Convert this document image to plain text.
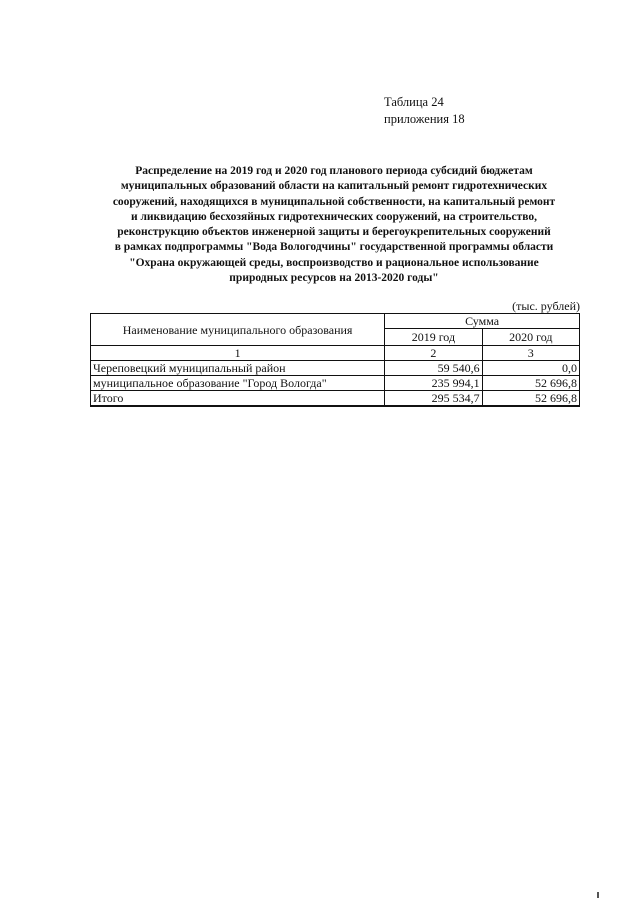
Таблица 24
приложения 18
Распределение на 2019 год и 2020 год планового периода субсидий бюджетам
муниципальных образований области на капитальный ремонт гидротехнических
сооружений, находящихся в муниципальной собственности, на капитальный ремонт
и ликвидацию бесхозяйных гидротехнических сооружений, на строительство,
реконструкцию объектов инженерной защиты и берегоукрепительных сооружений
в рамках подпрограммы "Вода Вологодчины" государственной программы области
"Охрана окружающей среды, воспроизводство и рациональное использование
природных ресурсов на 2013-2020 годы"
(тыс. рублей)
Наименование муниципального образования	Сумма	
	2019 год	2020 год
1	2	3
Череповецкий муниципальный район	59 540,6	0,0
муниципальное образование "Город Вологда"	235 994,1	52 696,8
Итого	295 534,7	52 696,8
